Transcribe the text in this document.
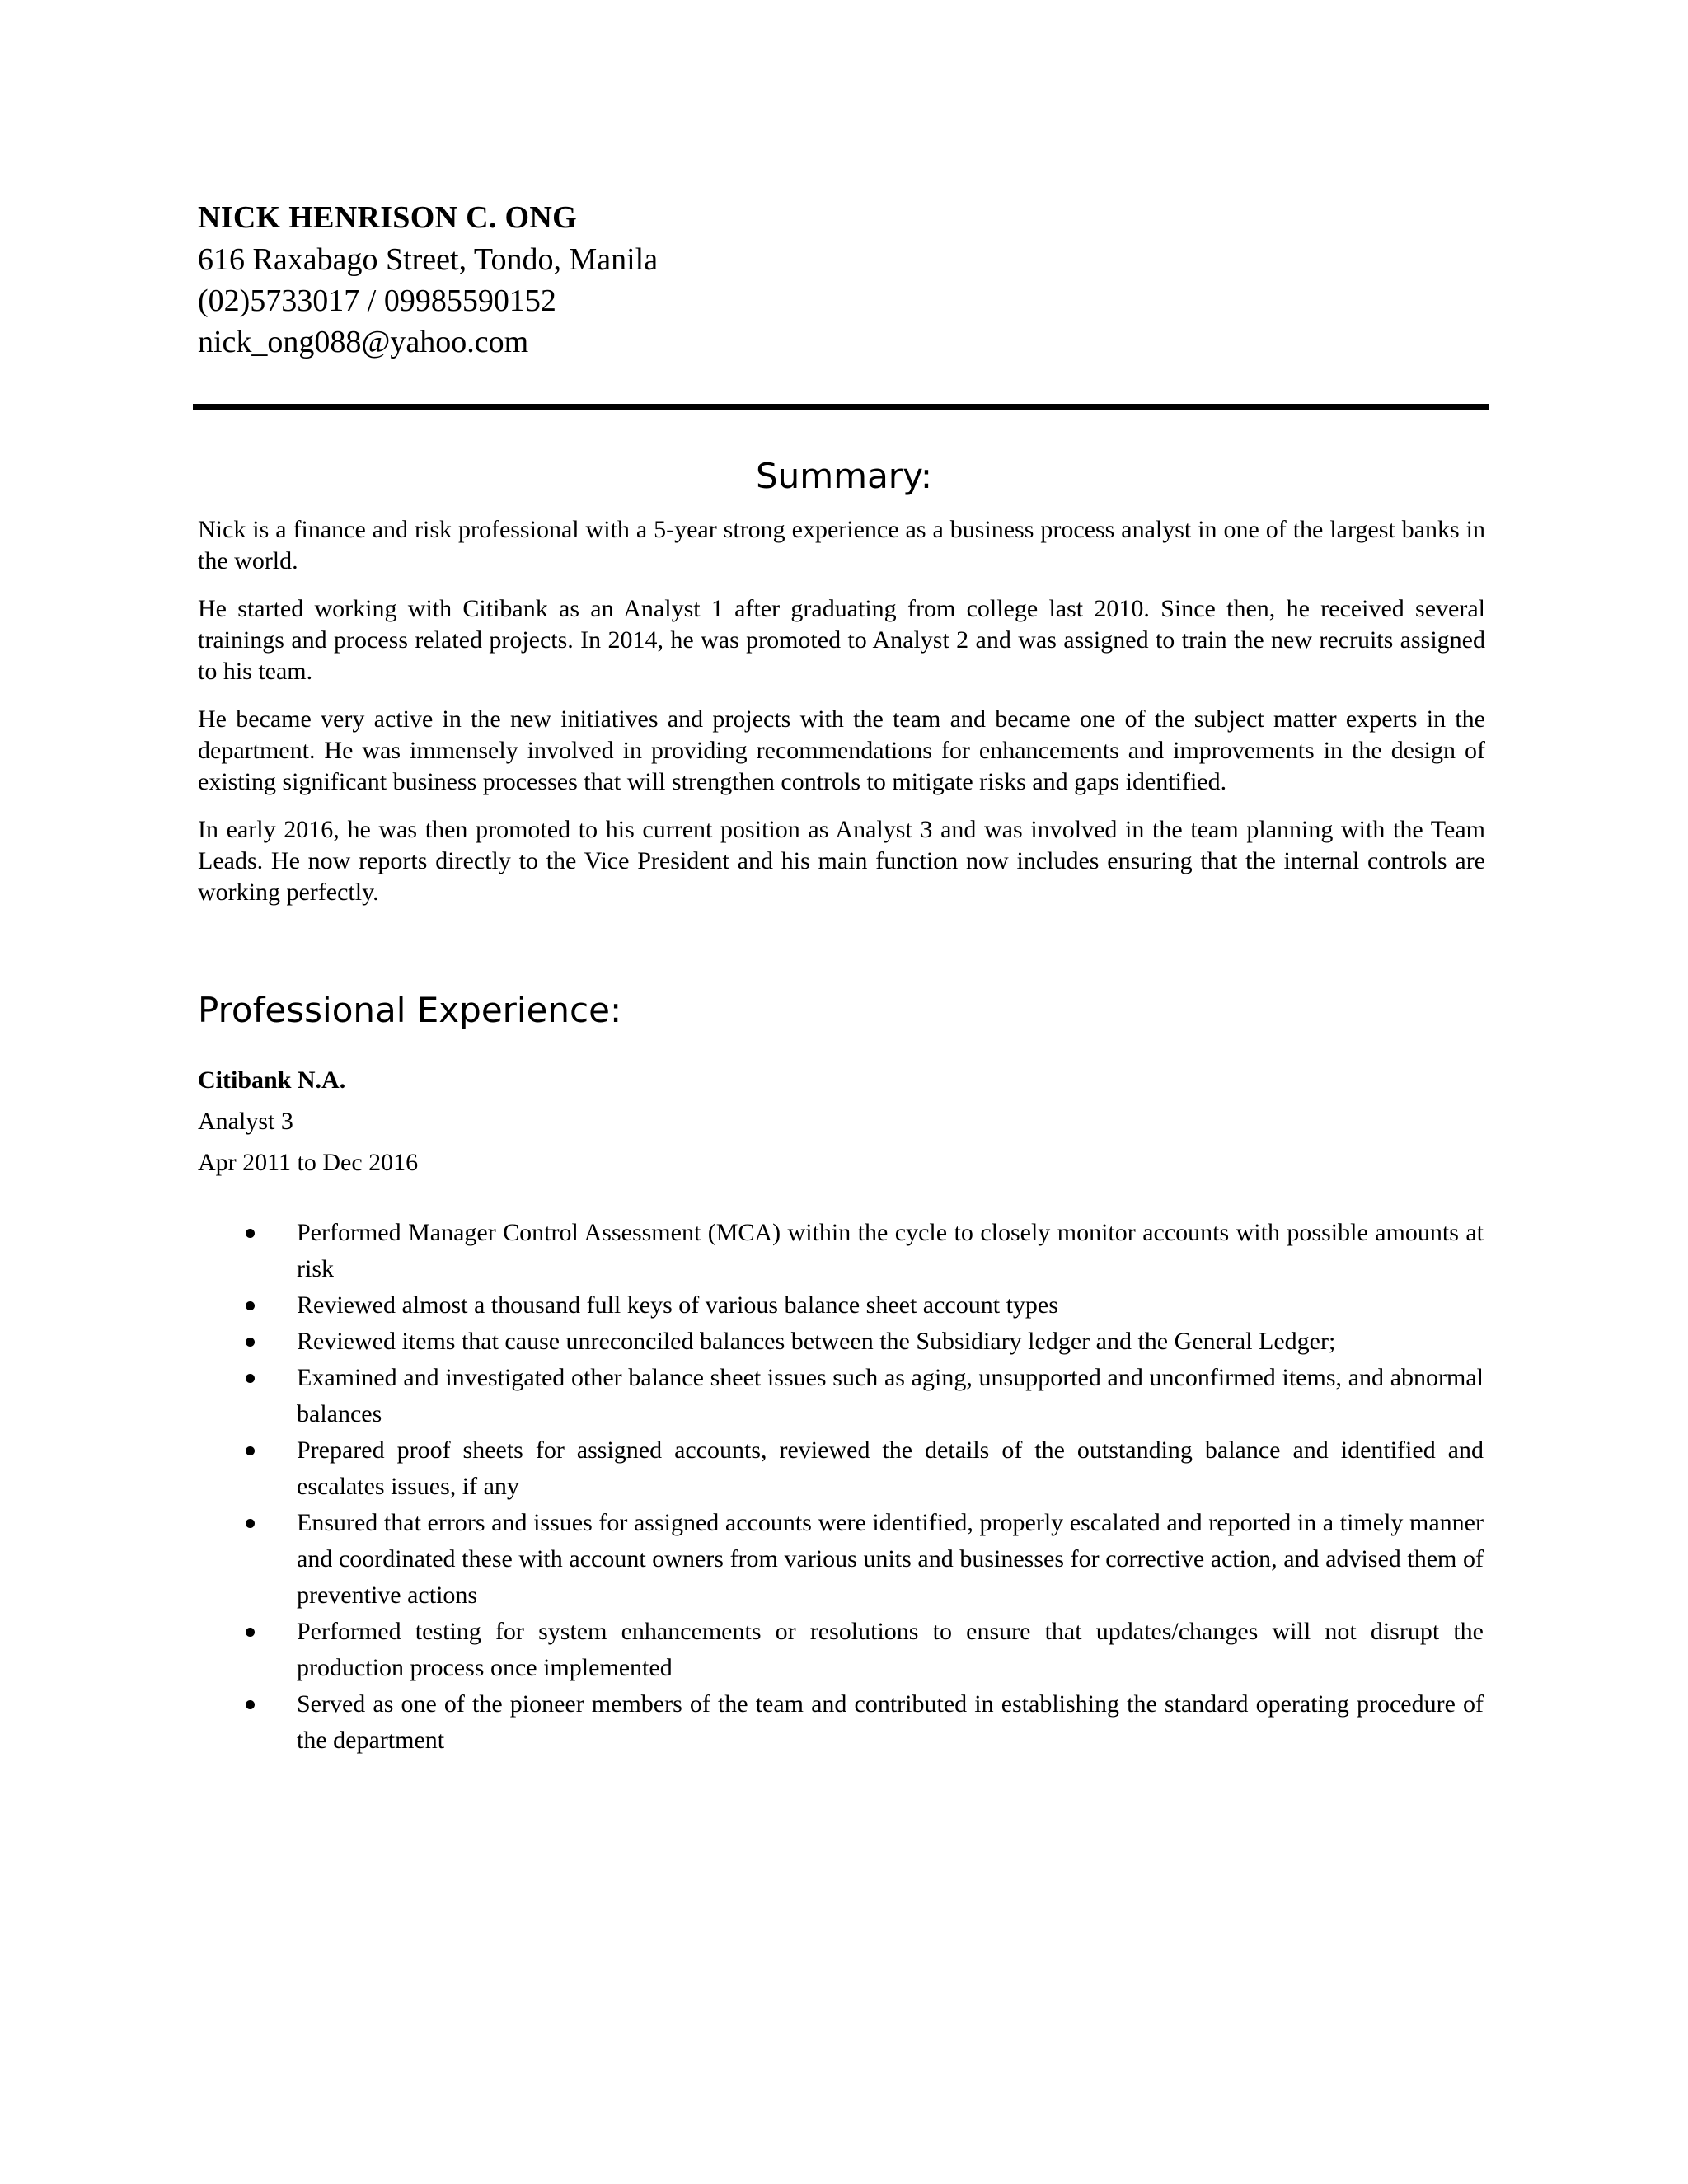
NICK HENRISON C. ONG

616 Raxabago Street, Tondo, Manila

(02)5733017 / 09985590152

nick_ong088@yahoo.com

Summary:

Nick is a finance and risk professional with a 5-year strong experience as a business process analyst in one of the largest banks in the world.

He started working with Citibank as an Analyst 1 after graduating from college last 2010. Since then, he received several trainings and process related projects. In 2014, he was promoted to Analyst 2 and was assigned to train the new recruits assigned to his team.

He became very active in the new initiatives and projects with the team and became one of the subject matter experts in the department. He was immensely involved in providing recommendations for enhancements and improvements in the design of existing significant business processes that will strengthen controls to mitigate risks and gaps identified.

In early 2016, he was then promoted to his current position as Analyst 3 and was involved in the team planning with the Team Leads. He now reports directly to the Vice President and his main function now includes ensuring that the internal controls are working perfectly.

Professional Experience:

Citibank N.A.

Analyst 3

Apr 2011 to Dec 2016

Performed Manager Control Assessment (MCA) within the cycle to closely monitor accounts with possible amounts at risk
Reviewed almost a thousand full keys of various balance sheet account types
Reviewed items that cause unreconciled balances between the Subsidiary ledger and the General Ledger;
Examined and investigated other balance sheet issues such as aging, unsupported and unconfirmed items, and abnormal balances
Prepared proof sheets for assigned accounts, reviewed the details of the outstanding balance and identified and escalates issues, if any
Ensured that errors and issues for assigned accounts were identified, properly escalated and reported in a timely manner and coordinated these with account owners from various units and businesses for corrective action, and advised them of preventive actions
Performed testing for system enhancements or resolutions to ensure that updates/changes will not disrupt the production process once implemented
Served as one of the pioneer members of the team and contributed in establishing the standard operating procedure of the department
